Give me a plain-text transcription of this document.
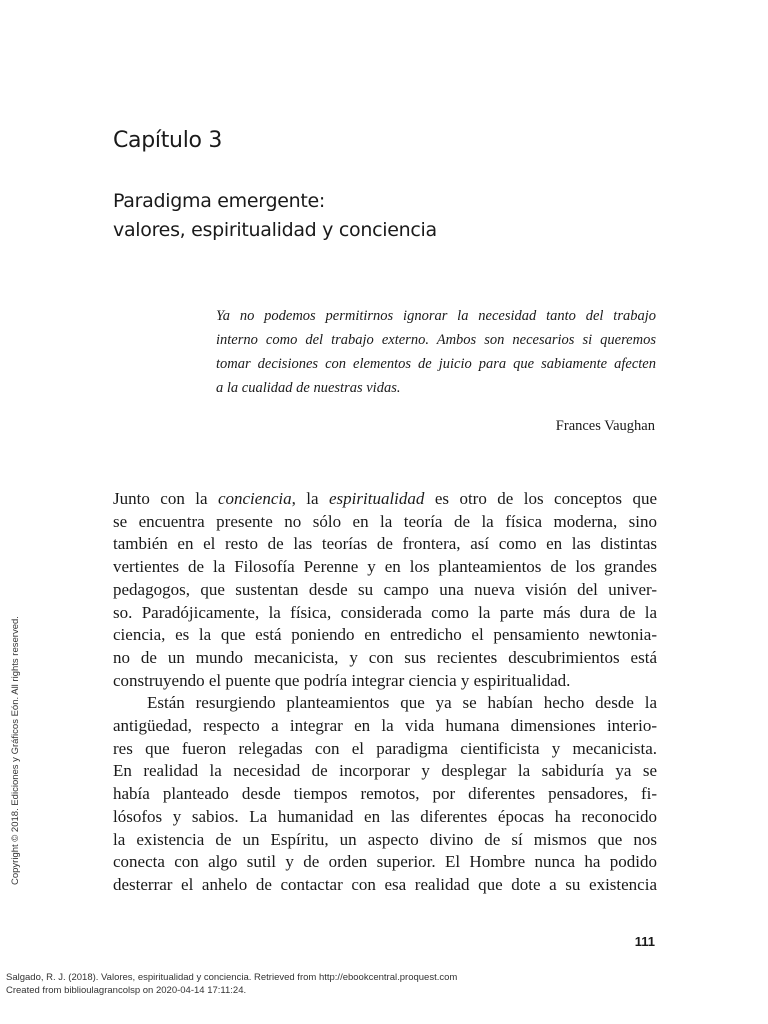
Capítulo 3
Paradigma emergente:
valores, espiritualidad y conciencia
Ya no podemos permitirnos ignorar la necesidad tanto del trabajo
interno como del trabajo externo. Ambos son necesarios si queremos
tomar decisiones con elementos de juicio para que sabiamente afecten
a la cualidad de nuestras vidas.

Frances Vaughan

Junto con la conciencia, la espiritualidad es otro de los conceptos que
se encuentra presente no sólo en la teoría de la física moderna, sino
también en el resto de las teorías de frontera, así como en las distintas
vertientes de la Filosofía Perenne y en los planteamientos de los grandes
pedagogos, que sustentan desde su campo una nueva visión del univer-
so. Paradójicamente, la física, considerada como la parte más dura de la
ciencia, es la que está poniendo en entredicho el pensamiento newtonia-
no de un mundo mecanicista, y con sus recientes descubrimientos está
construyendo el puente que podría integrar ciencia y espiritualidad.
Están resurgiendo planteamientos que ya se habían hecho desde la
antigüedad, respecto a integrar en la vida humana dimensiones interio-
res que fueron relegadas con el paradigma cientificista y mecanicista.
En realidad la necesidad de incorporar y desplegar la sabiduría ya se
había planteado desde tiempos remotos, por diferentes pensadores, fi-
lósofos y sabios. La humanidad en las diferentes épocas ha reconocido
la existencia de un Espíritu, un aspecto divino de sí mismos que nos
conecta con algo sutil y de orden superior. El Hombre nunca ha podido
desterrar el anhelo de contactar con esa realidad que dote a su existencia

111

Copyright © 2018. Ediciones y Gráficos Eón. All rights reserved.

Salgado, R. J. (2018). Valores, espiritualidad y conciencia. Retrieved from http://ebookcentral.proquest.com
Created from biblioulagrancolsp on 2020-04-14 17:11:24.
